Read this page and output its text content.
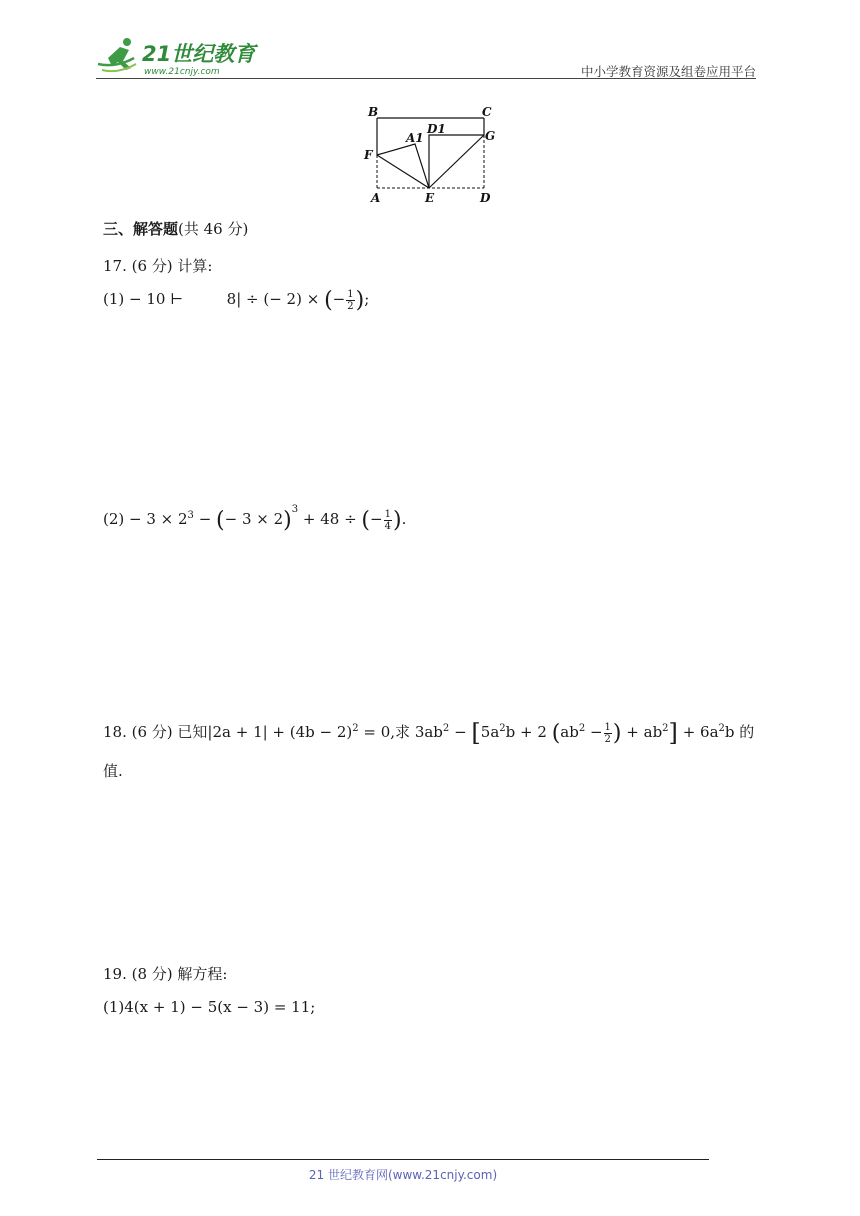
21世纪教育
www.21cnjy.com	中小学教育资源及组卷应用平台
B	C
A1
D1
F
G
A	E	D
三、解答题(共 46 分)
17. (6 分) 计算:
(1) − 10 ⊢	8| ÷ (− 2) × (− $\frac{1}{2}$ );
$(2) - 3 \times 2^3$ − (− 3 × 2)$^3$ + 48 ÷ (− $\frac{1}{4}$ ).
18. (6 分) 已知$|2a + 1| + (4b - 2)^2 = 0$,求 $3ab^2 - [5a^2b + 2$ ($ab^2 - \frac{1}{2}$ ) + $ab^2] + 6a^2b$ 的
值.
19. (8 分) 解方程:
(1)4(x + 1) − 5(x − 3) = 11;
21 世纪教育网(www.21cnjy.com)
